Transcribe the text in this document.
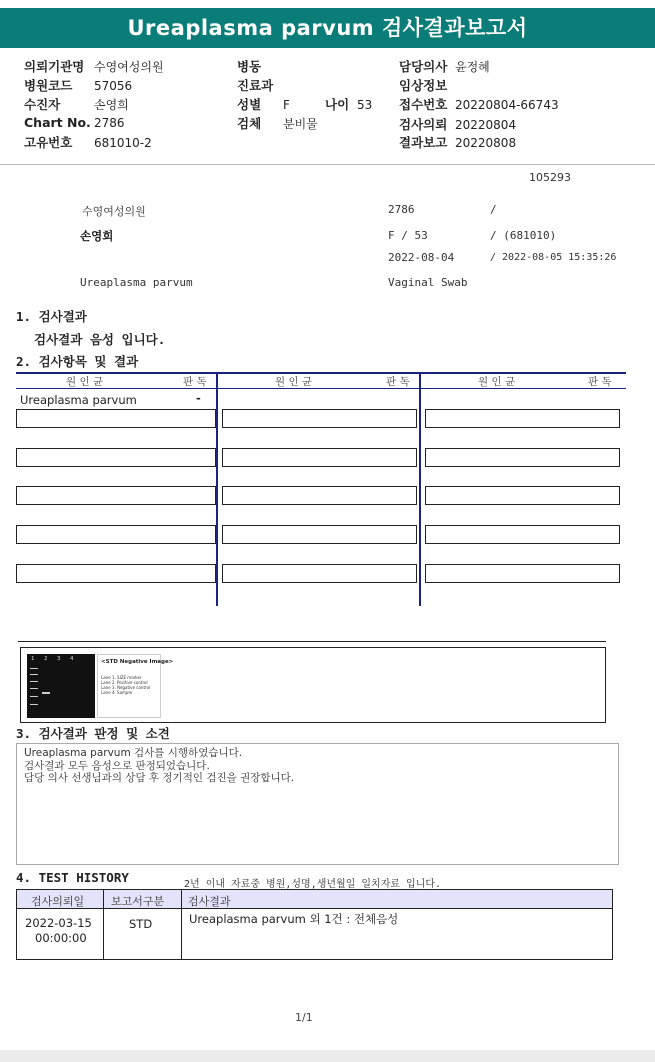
Ureaplasma parvum 검사결과보고서
의뢰기관명 수영여성의원
병원코드 57056
수진자	손영희
Chart No. 2786
고유번호 681010-2
병동
진료과
성별 F	나이 53
검체 분비물
담당의사 윤정혜
임상정보
접수번호 20220804-66743
검사의뢰 20220804
결과보고 20220808
105293
수영여성의원	2786	/
손영희	F / 53	/ (681010)
2022-08-04	/ 2022-08-05 15:35:26
Ureaplasma parvum	Vaginal Swab
1. 검사결과
검사결과 음성 입니다.
2. 검사항목 및 결과
원 인 균	판 독	원 인 균	판 독	원 인 균	판 독
Ureaplasma parvum	-
1 2 3 4	<STD Negative Image>
Lane 1. SIZE marker
Lane 2. Positive control
Lane 3. Negative control
Lane 4. Sample
3. 검사결과 판정 및 소견
Ureaplasma parvum 검사를 시행하였습니다.
검사결과 모두 음성으로 판정되었습니다.
담당 의사 선생님과의 상담 후 정기적인 검진을 권장합니다.
4. TEST HISTORY	2년 이내 자료중 병원,성명,생년월일 일치자료 입니다.
검사의뢰일 보고서구분 검사결과
2022-03-15
00:00:00
STD	Ureaplasma parvum 외 1건 : 전체음성
1/1
